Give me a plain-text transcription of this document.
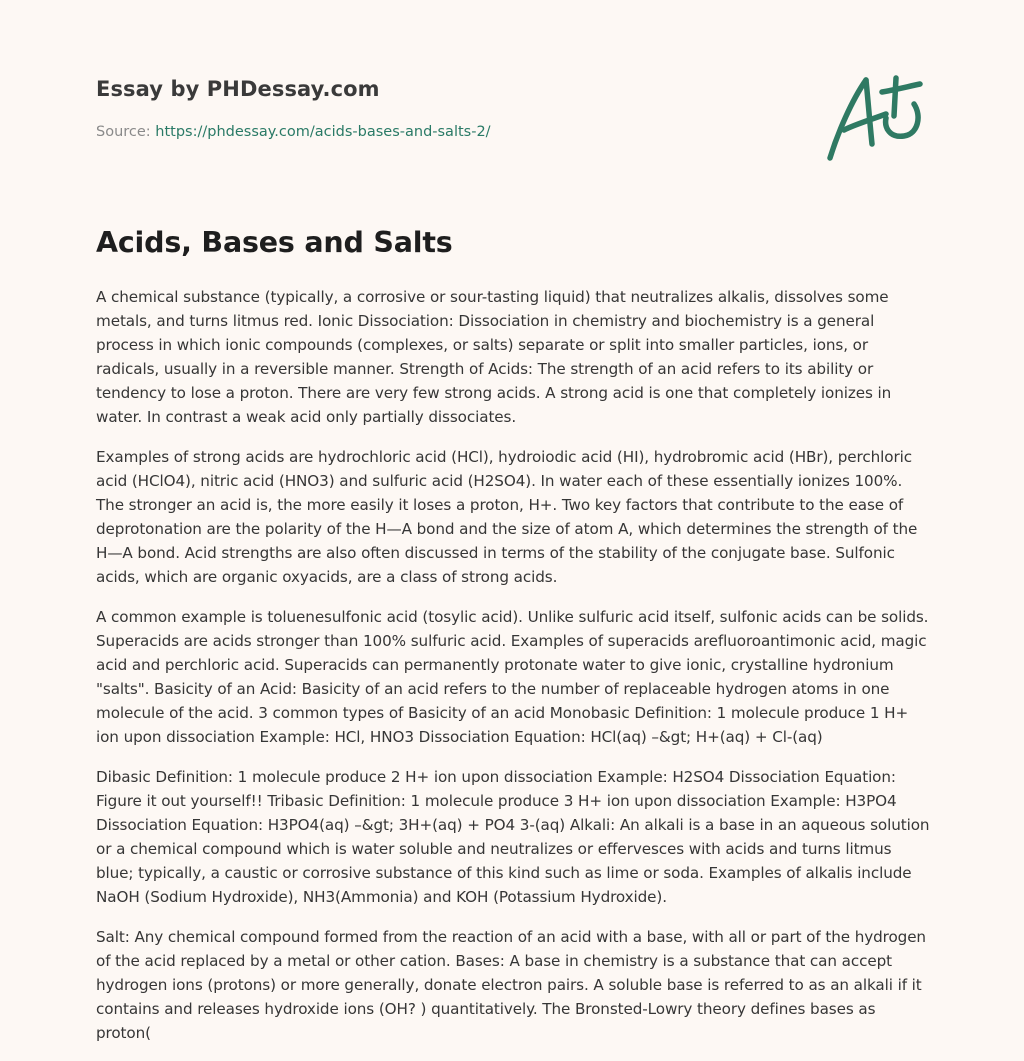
Essay by PHDessay.com
Source: https://phdessay.com/acids-bases-and-salts-2/
Acids, Bases and Salts

A chemical substance (typically, a corrosive or sour-tasting liquid) that neutralizes alkalis, dissolves some metals, and turns litmus red. Ionic Dissociation: Dissociation in chemistry and biochemistry is a general process in which ionic compounds (complexes, or salts) separate or split into smaller particles, ions, or radicals, usually in a reversible manner. Strength of Acids: The strength of an acid refers to its ability or tendency to lose a proton. There are very few strong acids. A strong acid is one that completely ionizes in water. In contrast a weak acid only partially dissociates.

Examples of strong acids are hydrochloric acid (HCl), hydroiodic acid (HI), hydrobromic acid (HBr), perchloric acid (HClO4), nitric acid (HNO3) and sulfuric acid (H2SO4). In water each of these essentially ionizes 100%. The stronger an acid is, the more easily it loses a proton, H+. Two key factors that contribute to the ease of deprotonation are the polarity of the H—A bond and the size of atom A, which determines the strength of the H—A bond. Acid strengths are also often discussed in terms of the stability of the conjugate base. Sulfonic acids, which are organic oxyacids, are a class of strong acids.

A common example is toluenesulfonic acid (tosylic acid). Unlike sulfuric acid itself, sulfonic acids can be solids. Superacids are acids stronger than 100% sulfuric acid. Examples of superacids arefluoroantimonic acid, magic acid and perchloric acid. Superacids can permanently protonate water to give ionic, crystalline hydronium "salts". Basicity of an Acid: Basicity of an acid refers to the number of replaceable hydrogen atoms in one molecule of the acid. 3 common types of Basicity of an acid Monobasic Definition: 1 molecule produce 1 H+ ion upon dissociation Example: HCl, HNO3 Dissociation Equation: HCl(aq) –&gt; H+(aq) + Cl-(aq)

Dibasic Definition: 1 molecule produce 2 H+ ion upon dissociation Example: H2SO4 Dissociation Equation: Figure it out yourself!! Tribasic Definition: 1 molecule produce 3 H+ ion upon dissociation Example: H3PO4 Dissociation Equation: H3PO4(aq) –&gt; 3H+(aq) + PO4 3-(aq) Alkali: An alkali is a base in an aqueous solution or a chemical compound which is water soluble and neutralizes or effervesces with acids and turns litmus blue; typically, a caustic or corrosive substance of this kind such as lime or soda. Examples of alkalis include NaOH (Sodium Hydroxide), NH3(Ammonia) and KOH (Potassium Hydroxide).

Salt: Any chemical compound formed from the reaction of an acid with a base, with all or part of the hydrogen of the acid replaced by a metal or other cation. Bases: A base in chemistry is a substance that can accept hydrogen ions (protons) or more generally, donate electron pairs. A soluble base is referred to as an alkali if it contains and releases hydroxide ions (OH? ) quantitatively. The Bronsted-Lowry theory defines bases as proton(
